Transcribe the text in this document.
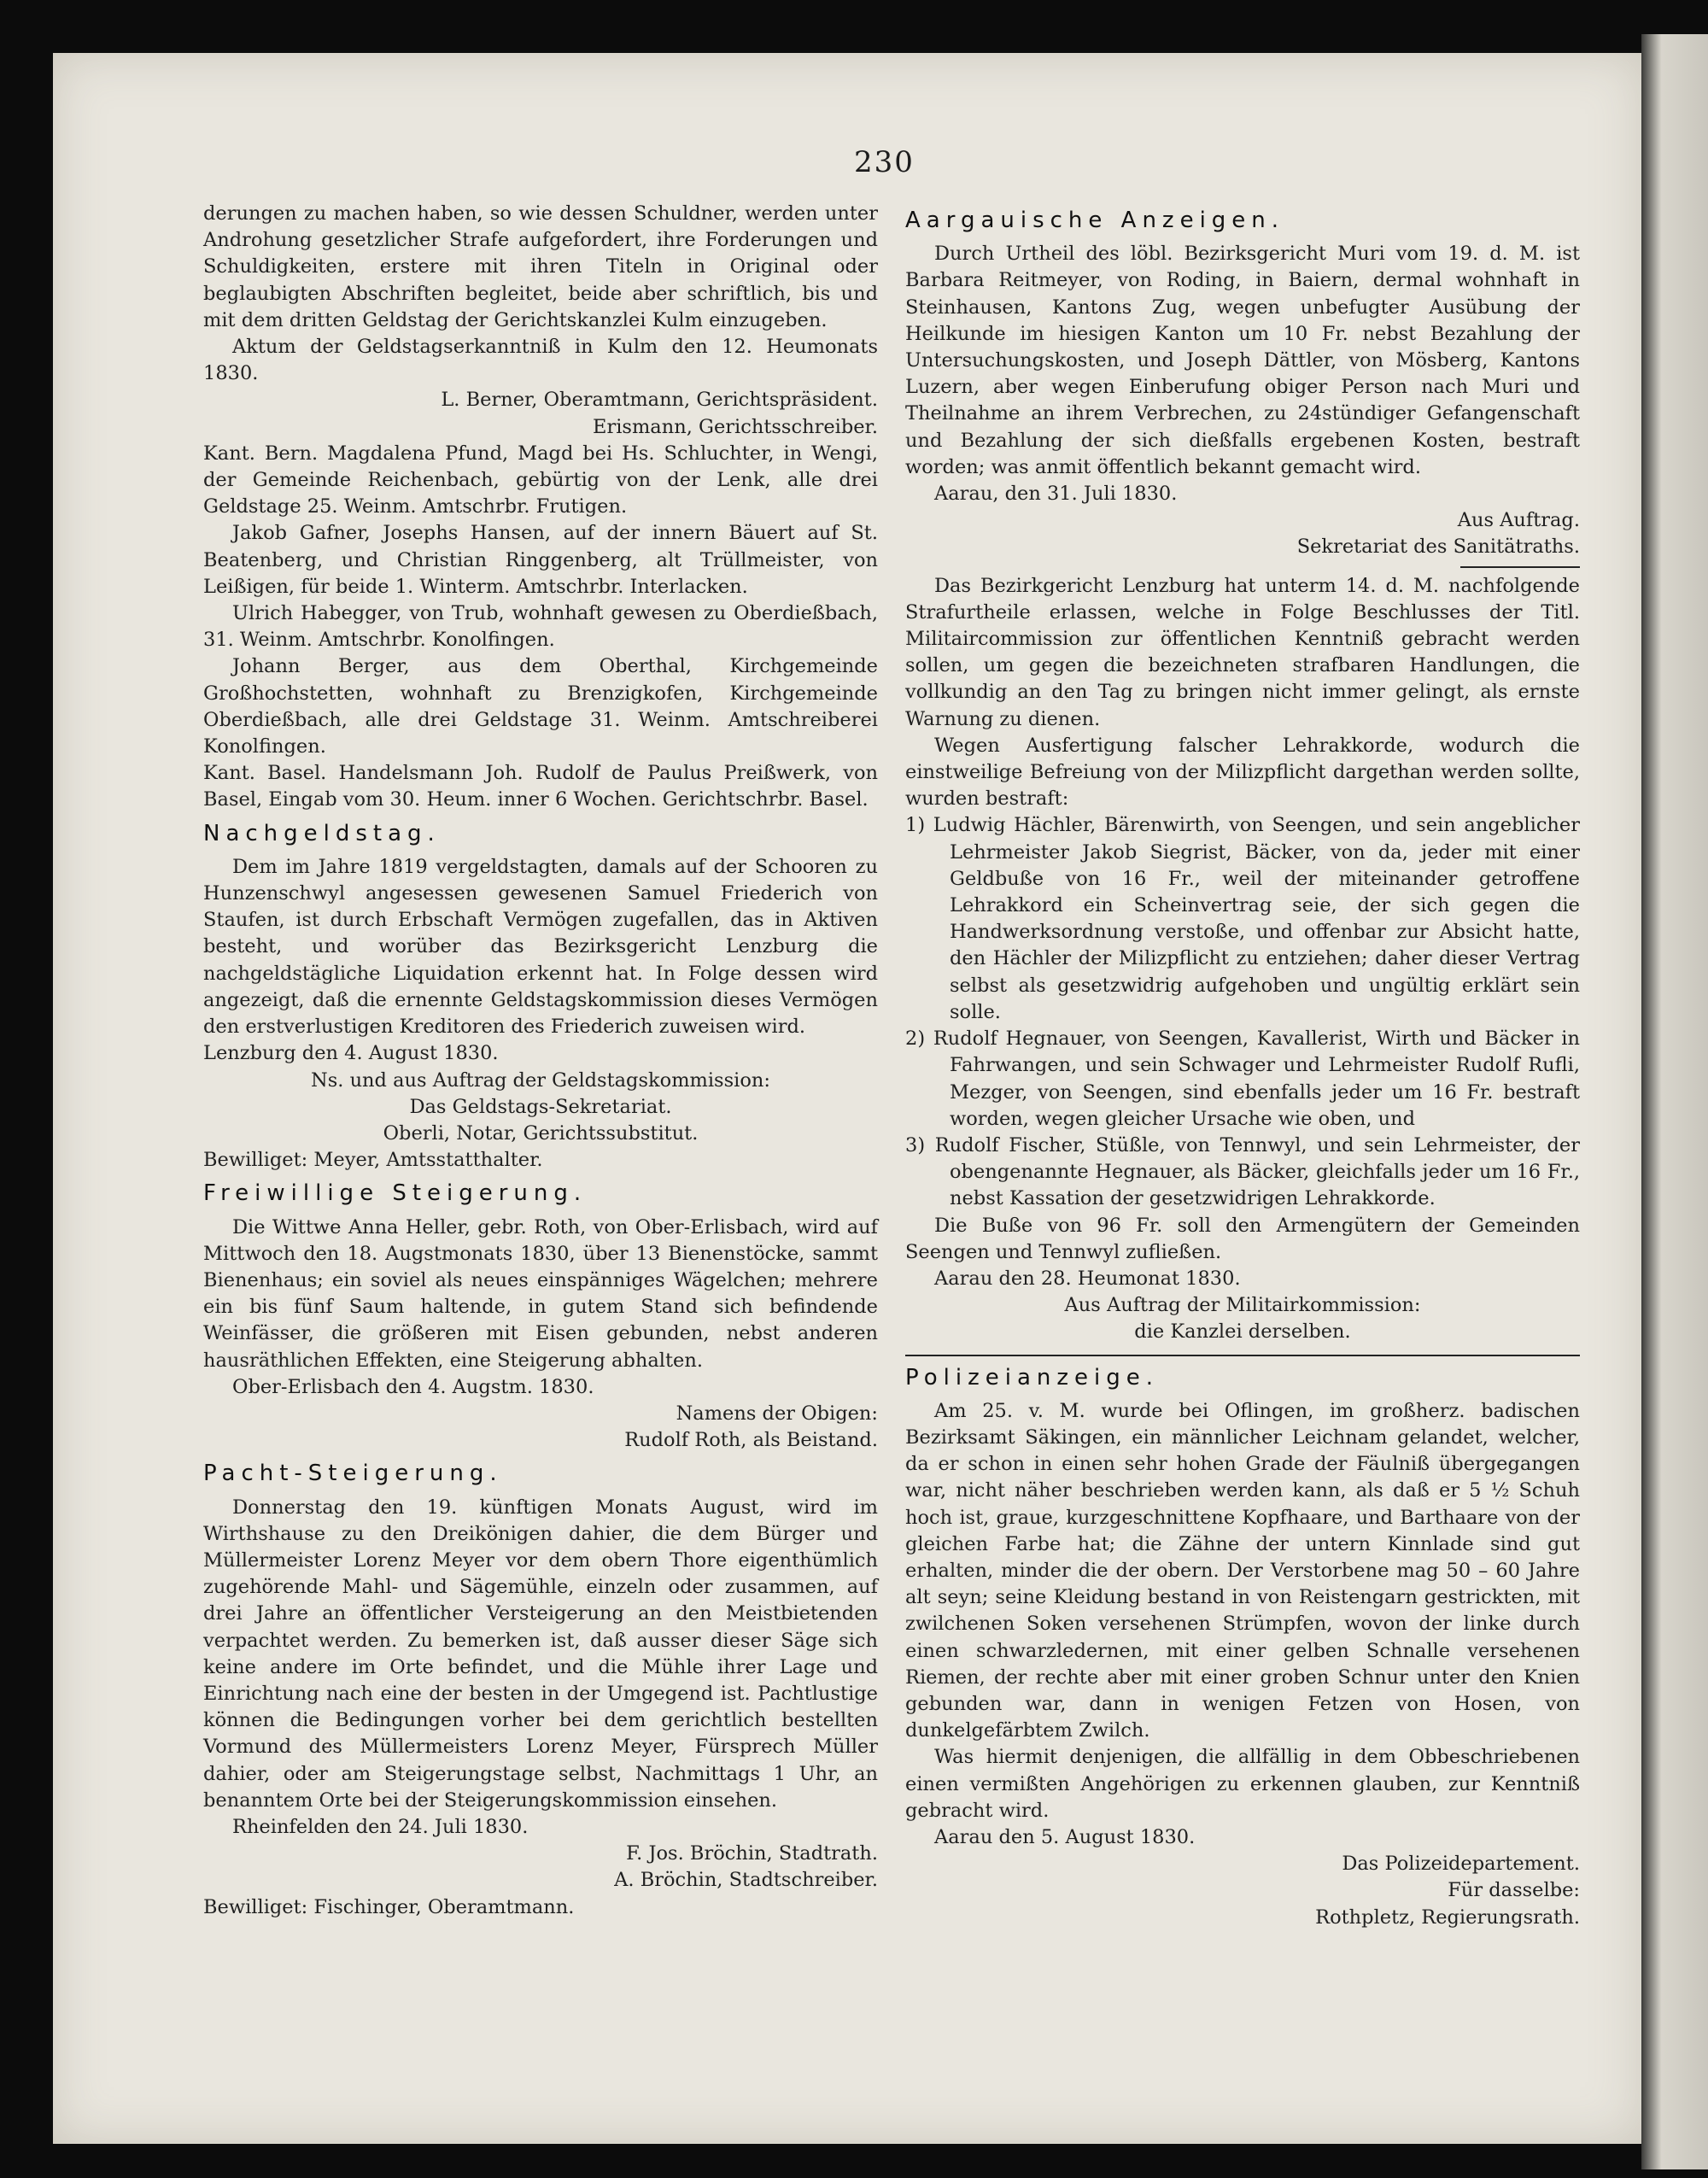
230

derungen zu machen haben, so wie dessen Schuldner, werden unter Androhung gesetzlicher Strafe aufgefordert, ihre Forderungen und Schuldigkeiten, erstere mit ihren Titeln in Original oder beglaubigten Abschriften begleitet, beide aber schriftlich, bis und mit dem dritten Geldstag der Gerichtskanzlei Kulm einzugeben.

Aktum der Geldstagserkanntniß in Kulm den 12. Heumonats 1830.

L. Berner, Oberamtmann, Gerichtspräsident.

Erismann, Gerichtsschreiber.

Kant. Bern. Magdalena Pfund, Magd bei Hs. Schluchter, in Wengi, der Gemeinde Reichenbach, gebürtig von der Lenk, alle drei Geldstage 25. Weinm. Amtschrbr. Frutigen.

Jakob Gafner, Josephs Hansen, auf der innern Bäuert auf St. Beatenberg, und Christian Ringgenberg, alt Trüllmeister, von Leißigen, für beide 1. Winterm. Amtschrbr. Interlacken.

Ulrich Habegger, von Trub, wohnhaft gewesen zu Oberdießbach, 31. Weinm. Amtschrbr. Konolfingen.

Johann Berger, aus dem Oberthal, Kirchgemeinde Großhochstetten, wohnhaft zu Brenzigkofen, Kirchgemeinde Oberdießbach, alle drei Geldstage 31. Weinm. Amtschreiberei Konolfingen.

Kant. Basel. Handelsmann Joh. Rudolf de Paulus Preißwerk, von Basel, Eingab vom 30. Heum. inner 6 Wochen. Gerichtschrbr. Basel.

Nachgeldstag.

Dem im Jahre 1819 vergeldstagten, damals auf der Schooren zu Hunzenschwyl angesessen gewesenen Samuel Friederich von Staufen, ist durch Erbschaft Vermögen zugefallen, das in Aktiven besteht, und worüber das Bezirksgericht Lenzburg die nachgeldstägliche Liquidation erkennt hat. In Folge dessen wird angezeigt, daß die ernennte Geldstagskommission dieses Vermögen den erstverlustigen Kreditoren des Friederich zuweisen wird.

Lenzburg den 4. August 1830.

Ns. und aus Auftrag der Geldstagskommission:

Das Geldstags-Sekretariat.

Oberli, Notar, Gerichtssubstitut.

Bewilliget: Meyer, Amtsstatthalter.

Freiwillige Steigerung.

Die Wittwe Anna Heller, gebr. Roth, von Ober-Erlisbach, wird auf Mittwoch den 18. Augstmonats 1830, über 13 Bienenstöcke, sammt Bienenhaus; ein soviel als neues einspänniges Wägelchen; mehrere ein bis fünf Saum haltende, in gutem Stand sich befindende Weinfässer, die größeren mit Eisen gebunden, nebst anderen hausräthlichen Effekten, eine Steigerung abhalten.

Ober-Erlisbach den 4. Augstm. 1830.

Namens der Obigen:

Rudolf Roth, als Beistand.

Pacht-Steigerung.

Donnerstag den 19. künftigen Monats August, wird im Wirthshause zu den Dreikönigen dahier, die dem Bürger und Müllermeister Lorenz Meyer vor dem obern Thore eigenthümlich zugehörende Mahl- und Sägemühle, einzeln oder zusammen, auf drei Jahre an öffentlicher Versteigerung an den Meistbietenden verpachtet werden. Zu bemerken ist, daß ausser dieser Säge sich keine andere im Orte befindet, und die Mühle ihrer Lage und Einrichtung nach eine der besten in der Umgegend ist. Pachtlustige können die Bedingungen vorher bei dem gerichtlich bestellten Vormund des Müllermeisters Lorenz Meyer, Fürsprech Müller dahier, oder am Steigerungstage selbst, Nachmittags 1 Uhr, an benanntem Orte bei der Steigerungskommission einsehen.

Rheinfelden den 24. Juli 1830.

F. Jos. Bröchin, Stadtrath.

A. Bröchin, Stadtschreiber.

Bewilliget: Fischinger, Oberamtmann.

Aargauische Anzeigen.

Durch Urtheil des löbl. Bezirksgericht Muri vom 19. d. M. ist Barbara Reitmeyer, von Roding, in Baiern, dermal wohnhaft in Steinhausen, Kantons Zug, wegen unbefugter Ausübung der Heilkunde im hiesigen Kanton um 10 Fr. nebst Bezahlung der Untersuchungskosten, und Joseph Dättler, von Mösberg, Kantons Luzern, aber wegen Einberufung obiger Person nach Muri und Theilnahme an ihrem Verbrechen, zu 24stündiger Gefangenschaft und Bezahlung der sich dießfalls ergebenen Kosten, bestraft worden; was anmit öffentlich bekannt gemacht wird.

Aarau, den 31. Juli 1830.

Aus Auftrag.

Sekretariat des Sanitätraths.

Das Bezirkgericht Lenzburg hat unterm 14. d. M. nachfolgende Strafurtheile erlassen, welche in Folge Beschlusses der Titl. Militaircommission zur öffentlichen Kenntniß gebracht werden sollen, um gegen die bezeichneten strafbaren Handlungen, die vollkundig an den Tag zu bringen nicht immer gelingt, als ernste Warnung zu dienen.

Wegen Ausfertigung falscher Lehrakkorde, wodurch die einstweilige Befreiung von der Milizpflicht dargethan werden sollte, wurden bestraft:

1) Ludwig Hächler, Bärenwirth, von Seengen, und sein angeblicher Lehrmeister Jakob Siegrist, Bäcker, von da, jeder mit einer Geldbuße von 16 Fr., weil der miteinander getroffene Lehrakkord ein Scheinvertrag seie, der sich gegen die Handwerksordnung verstoße, und offenbar zur Absicht hatte, den Hächler der Milizpflicht zu entziehen; daher dieser Vertrag selbst als gesetzwidrig aufgehoben und ungültig erklärt sein solle.

2) Rudolf Hegnauer, von Seengen, Kavallerist, Wirth und Bäcker in Fahrwangen, und sein Schwager und Lehrmeister Rudolf Rufli, Mezger, von Seengen, sind ebenfalls jeder um 16 Fr. bestraft worden, wegen gleicher Ursache wie oben, und

3) Rudolf Fischer, Stüßle, von Tennwyl, und sein Lehrmeister, der obengenannte Hegnauer, als Bäcker, gleichfalls jeder um 16 Fr., nebst Kassation der gesetzwidrigen Lehrakkorde.

Die Buße von 96 Fr. soll den Armengütern der Gemeinden Seengen und Tennwyl zufließen.

Aarau den 28. Heumonat 1830.

Aus Auftrag der Militairkommission:

die Kanzlei derselben.

Polizeianzeige.

Am 25. v. M. wurde bei Oflingen, im großherz. badischen Bezirksamt Säkingen, ein männlicher Leichnam gelandet, welcher, da er schon in einen sehr hohen Grade der Fäulniß übergegangen war, nicht näher beschrieben werden kann, als daß er 5 ½ Schuh hoch ist, graue, kurzgeschnittene Kopfhaare, und Barthaare von der gleichen Farbe hat; die Zähne der untern Kinnlade sind gut erhalten, minder die der obern. Der Verstorbene mag 50 – 60 Jahre alt seyn; seine Kleidung bestand in von Reistengarn gestrickten, mit zwilchenen Soken versehenen Strümpfen, wovon der linke durch einen schwarzledernen, mit einer gelben Schnalle versehenen Riemen, der rechte aber mit einer groben Schnur unter den Knien gebunden war, dann in wenigen Fetzen von Hosen, von dunkelgefärbtem Zwilch.

Was hiermit denjenigen, die allfällig in dem Obbeschriebenen einen vermißten Angehörigen zu erkennen glauben, zur Kenntniß gebracht wird.

Aarau den 5. August 1830.

Das Polizeidepartement.

Für dasselbe:

Rothpletz, Regierungsrath.
